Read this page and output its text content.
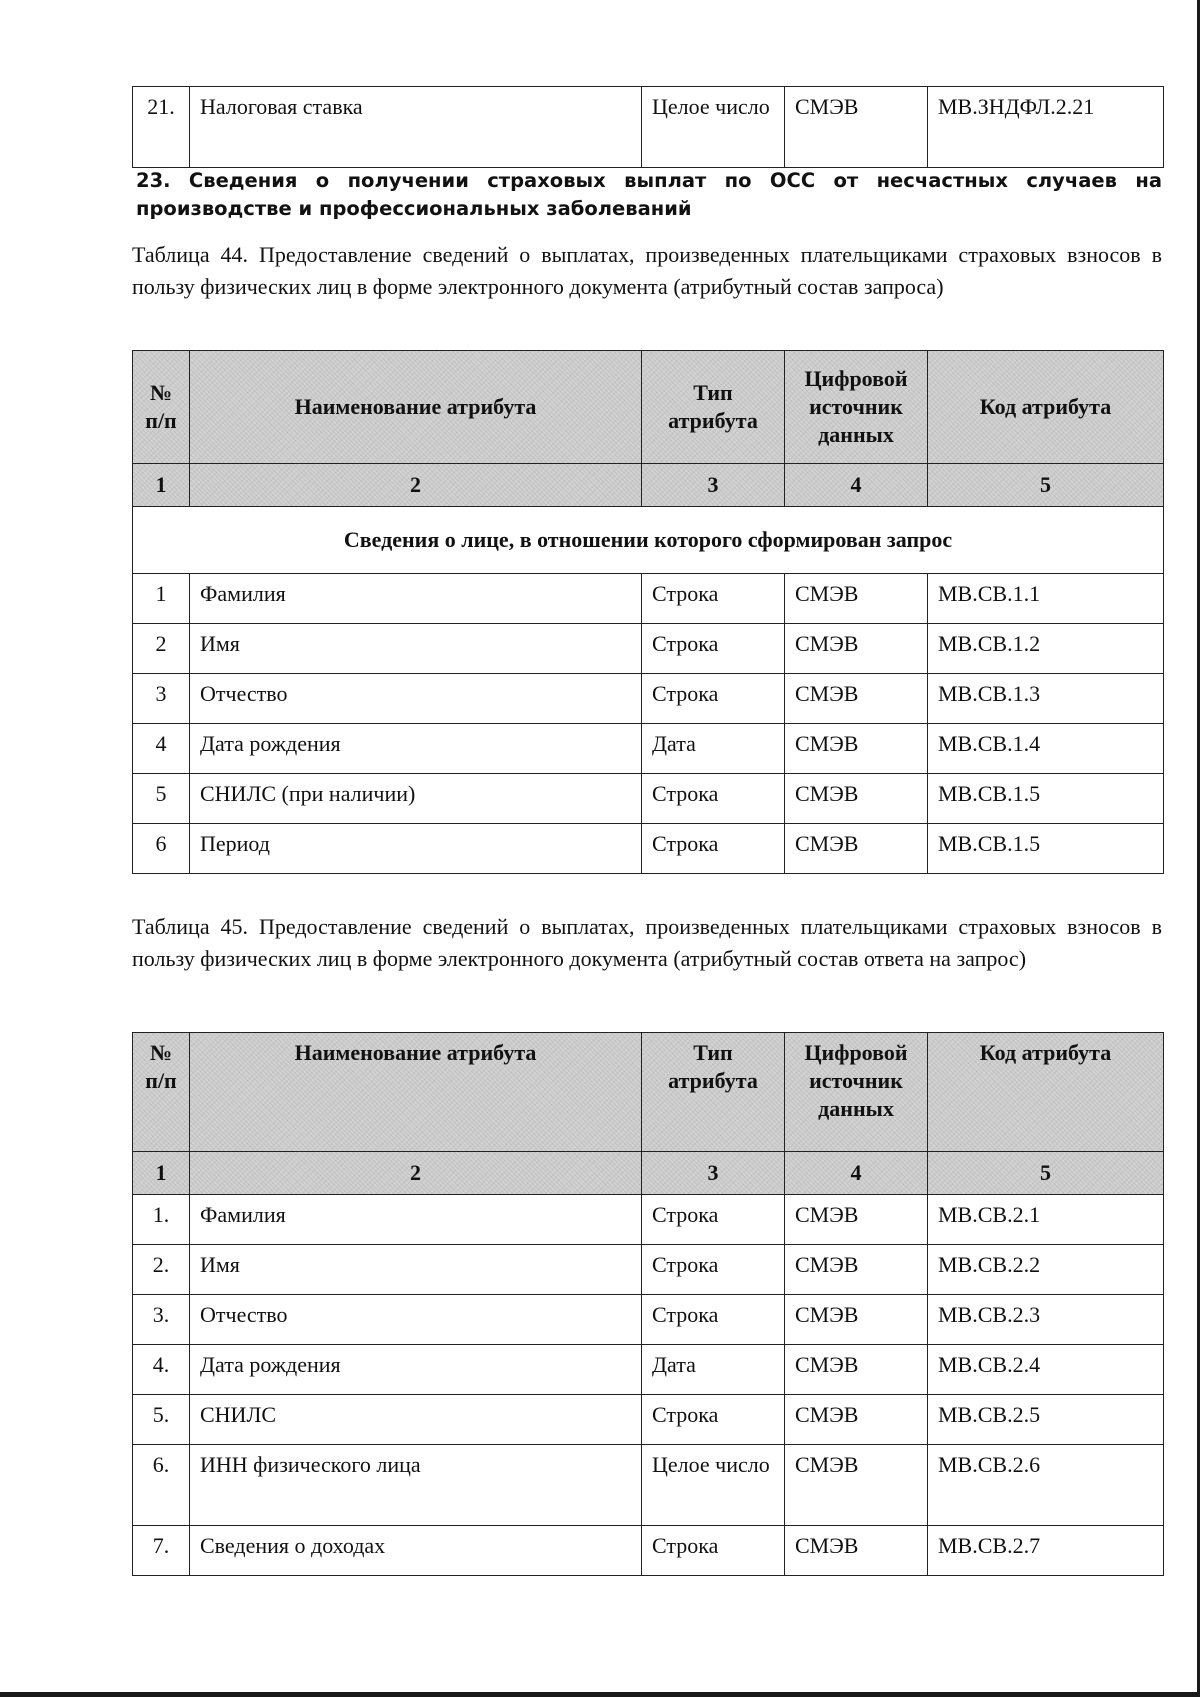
21.	Налоговая ставка	Целое число	СМЭВ	МВ.ЗНДФЛ.2.21
23. Сведения о получении страховых выплат по ОСС от несчастных случаев на производстве и профессиональных заболеваний
Таблица 44. Предоставление сведений о выплатах, произведенных плательщиками страховых взносов в пользу физических лиц в форме электронного документа (атрибутный состав запроса)
№ п/п	Наименование атрибута	Тип атрибута	Цифровой источник данных	Код атрибута
1	2	3	4	5
Сведения о лице, в отношении которого сформирован запрос				
1	Фамилия	Строка	СМЭВ	МВ.СВ.1.1
2	Имя	Строка	СМЭВ	МВ.СВ.1.2
3	Отчество	Строка	СМЭВ	МВ.СВ.1.3
4	Дата рождения	Дата	СМЭВ	МВ.СВ.1.4
5	СНИЛС (при наличии)	Строка	СМЭВ	МВ.СВ.1.5
6	Период	Строка	СМЭВ	МВ.СВ.1.5
Таблица 45. Предоставление сведений о выплатах, произведенных плательщиками страховых взносов в пользу физических лиц в форме электронного документа (атрибутный состав ответа на запрос)
№ п/п	Наименование атрибута	Тип атрибута	Цифровой источник данных	Код атрибута
1	2	3	4	5
1.	Фамилия	Строка	СМЭВ	МВ.СВ.2.1
2.	Имя	Строка	СМЭВ	МВ.СВ.2.2
3.	Отчество	Строка	СМЭВ	МВ.СВ.2.3
4.	Дата рождения	Дата	СМЭВ	МВ.СВ.2.4
5.	СНИЛС	Строка	СМЭВ	МВ.СВ.2.5
6.	ИНН физического лица	Целое число	СМЭВ	МВ.СВ.2.6
7.	Сведения о доходах	Строка	СМЭВ	МВ.СВ.2.7
